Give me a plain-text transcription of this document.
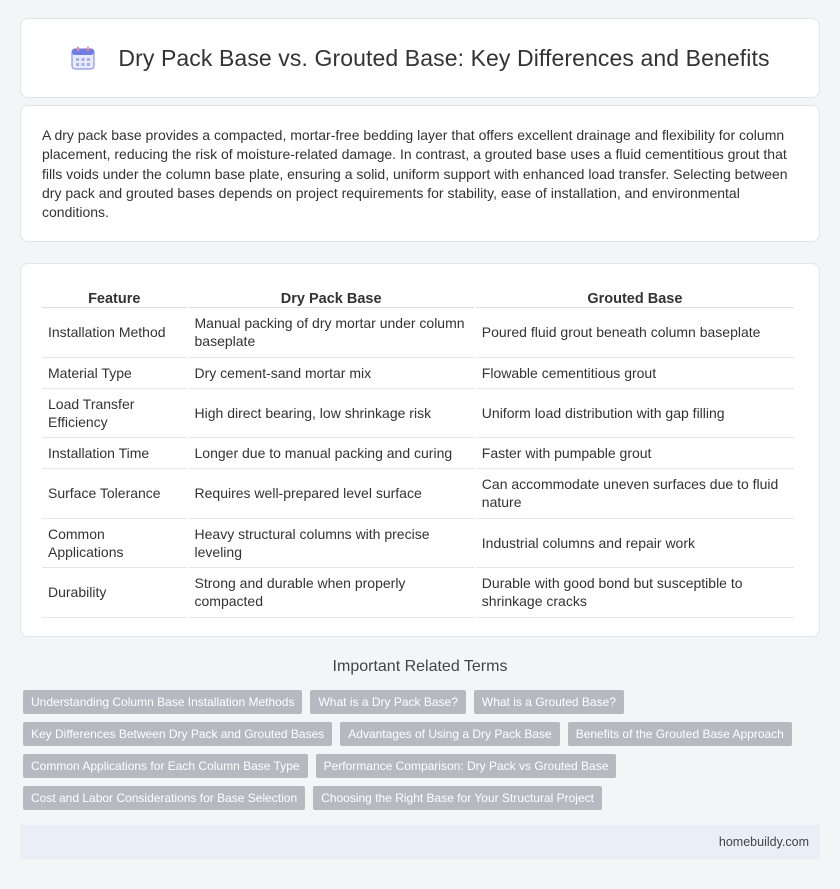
Dry Pack Base vs. Grouted Base: Key Differences and Benefits

A dry pack base provides a compacted, mortar-free bedding layer that offers excellent drainage and flexibility for column placement, reducing the risk of moisture-related damage. In contrast, a grouted base uses a fluid cementitious grout that fills voids under the column base plate, ensuring a solid, uniform support with enhanced load transfer. Selecting between dry pack and grouted bases depends on project requirements for stability, ease of installation, and environmental conditions.

Feature	Dry Pack Base	Grouted Base
Installation Method	Manual packing of dry mortar under column baseplate	Poured fluid grout beneath column baseplate
Material Type	Dry cement-sand mortar mix	Flowable cementitious grout
Load Transfer Efficiency	High direct bearing, low shrinkage risk	Uniform load distribution with gap filling
Installation Time	Longer due to manual packing and curing	Faster with pumpable grout
Surface Tolerance	Requires well-prepared level surface	Can accommodate uneven surfaces due to fluid nature
Common Applications	Heavy structural columns with precise leveling	Industrial columns and repair work
Durability	Strong and durable when properly compacted	Durable with good bond but susceptible to shrinkage cracks
Important Related Terms
Understanding Column Base Installation Methods	What is a Dry Pack Base?	What is a Grouted Base?
Key Differences Between Dry Pack and Grouted Bases	Advantages of Using a Dry Pack Base	Benefits of the Grouted Base Approach
Common Applications for Each Column Base Type	Performance Comparison: Dry Pack vs Grouted Base
Cost and Labor Considerations for Base Selection	Choosing the Right Base for Your Structural Project
homebuildy.com
